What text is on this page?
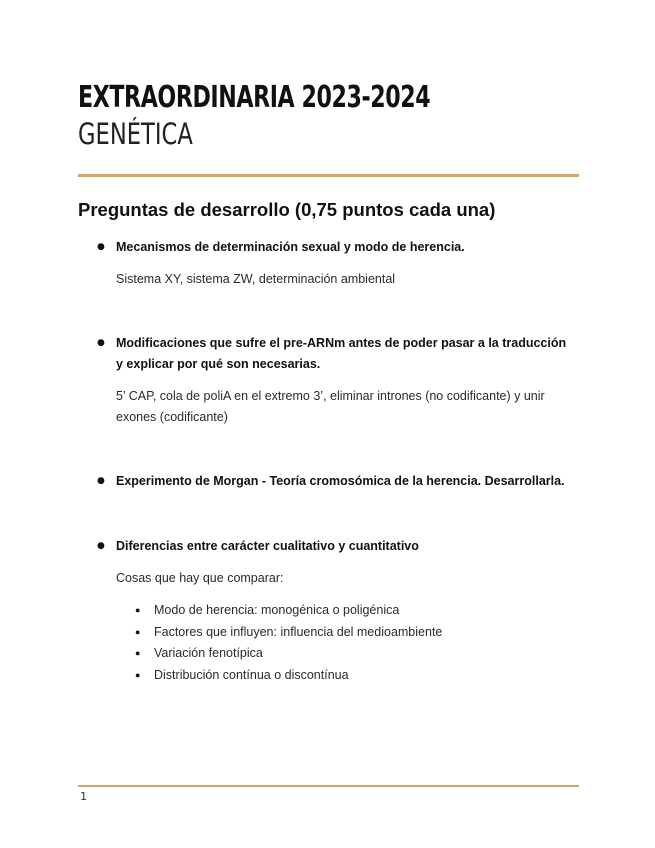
EXTRAORDINARIA 2023-2024
GENÉTICA
Preguntas de desarrollo (0,75 puntos cada una)
● Mecanismos de determinación sexual y modo de herencia.
Sistema XY, sistema ZW, determinación ambiental
● Modificaciones que sufre el pre-ARNm antes de poder pasar a la traducción y explicar por qué son necesarias.
5’ CAP, cola de poliA en el extremo 3’, eliminar intrones (no codificante) y unir exones (codificante)
● Experimento de Morgan - Teoría cromosómica de la herencia. Desarrollarla.
● Diferencias entre carácter cualitativo y cuantitativo
Cosas que hay que comparar:
● Modo de herencia: monogénica o poligénica
● Factores que influyen: influencia del medioambiente
● Variación fenotípica
● Distribución contínua o discontínua
1
